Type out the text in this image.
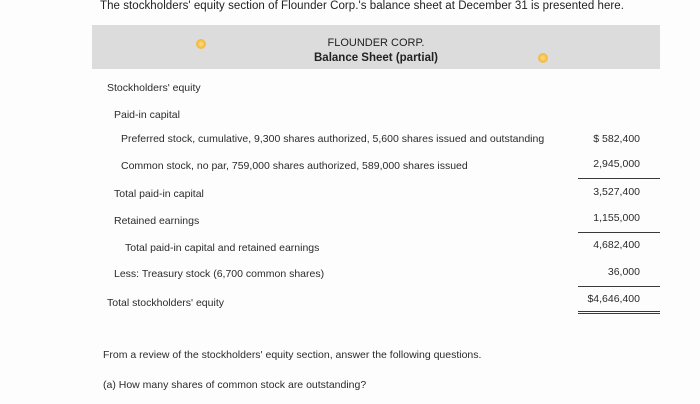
The stockholders' equity section of Flounder Corp.'s balance sheet at December 31 is presented here.
FLOUNDER CORP.
Balance Sheet (partial)
Stockholders' equity
Paid-in capital
Preferred stock, cumulative, 9,300 shares authorized, 5,600 shares issued and outstanding	$ 582,400
Common stock, no par, 759,000 shares authorized, 589,000 shares issued	2,945,000
Total paid-in capital	3,527,400
Retained earnings	1,155,000
Total paid-in capital and retained earnings	4,682,400
Less: Treasury stock (6,700 common shares)	36,000
Total stockholders' equity	$4,646,400
From a review of the stockholders' equity section, answer the following questions.
(a) How many shares of common stock are outstanding?
